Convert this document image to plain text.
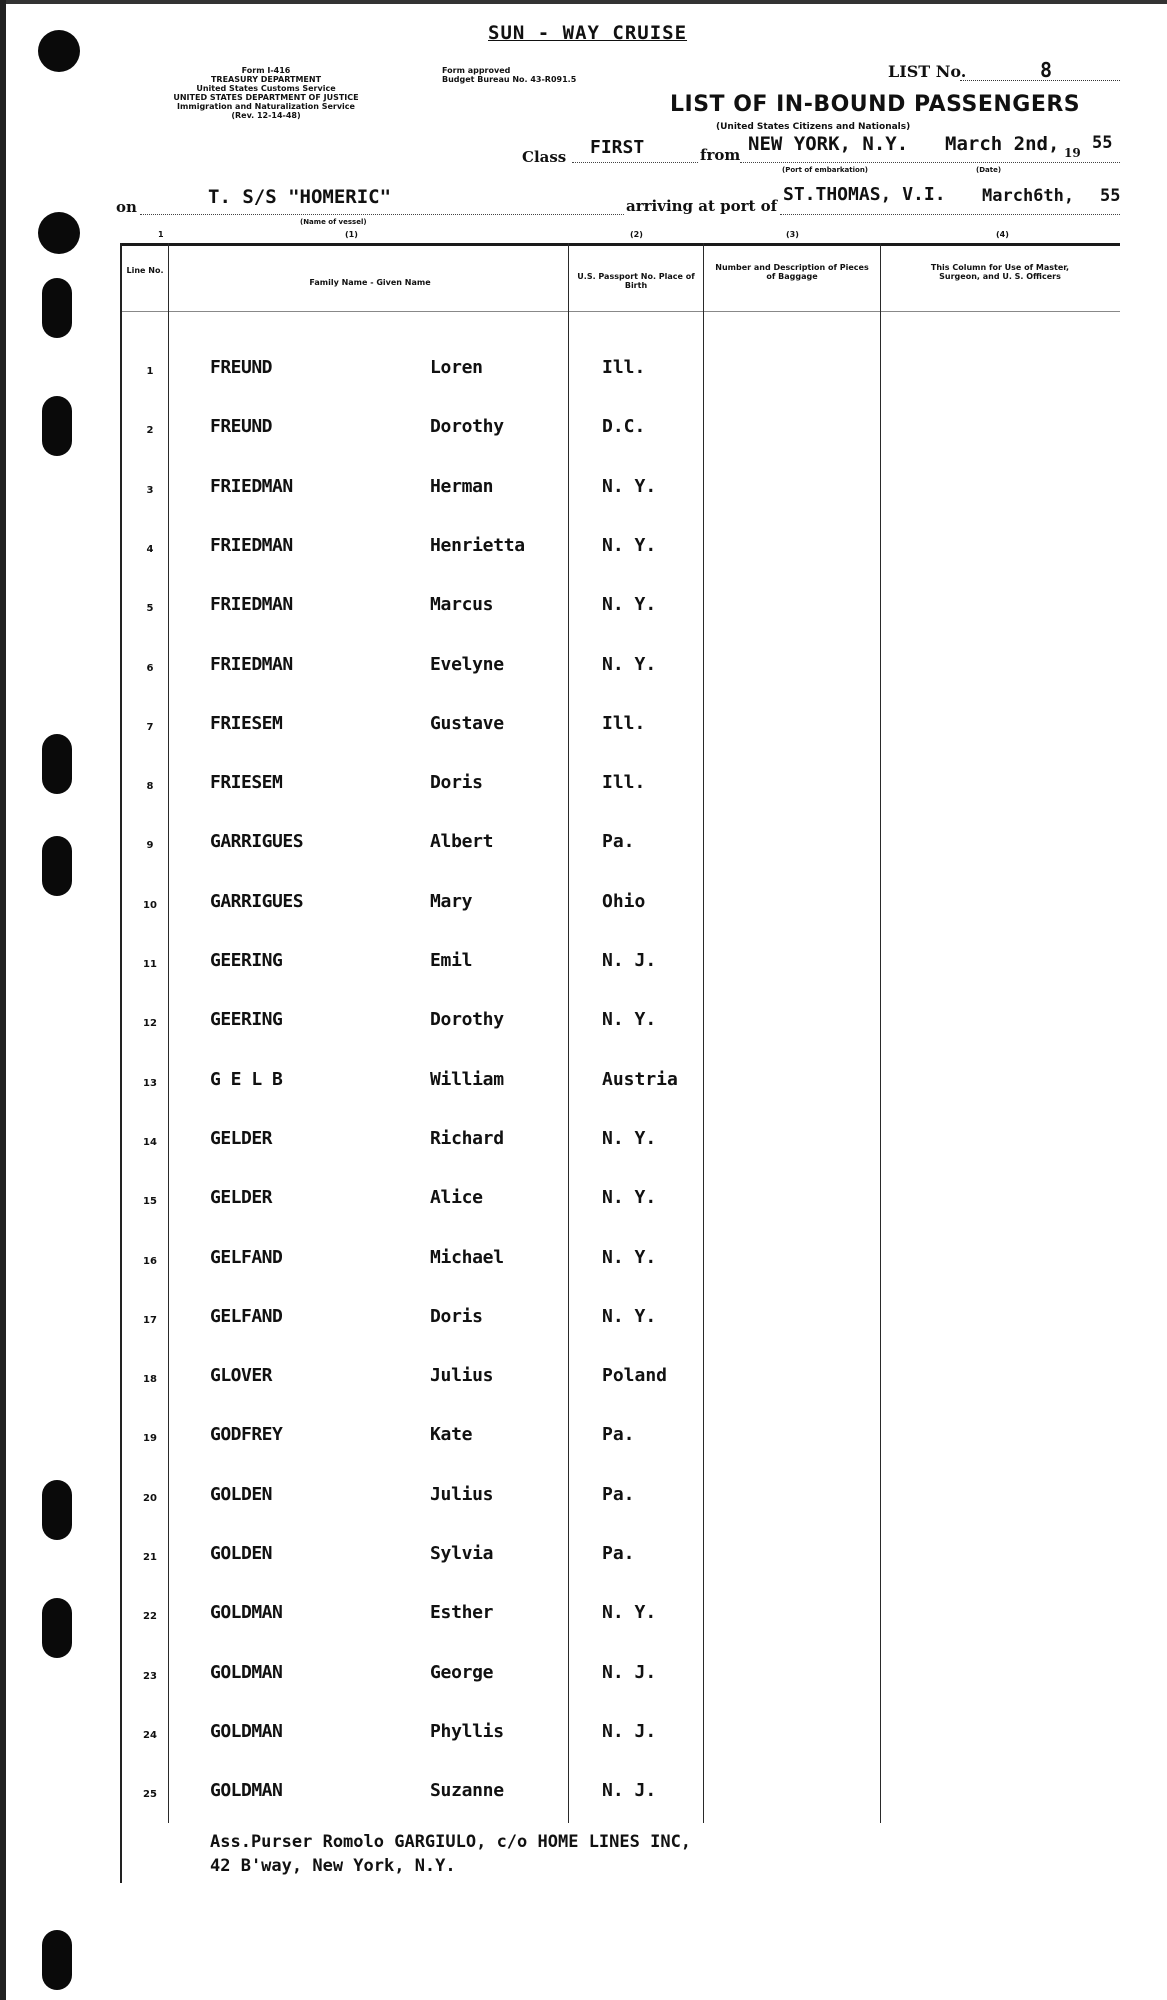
SUN - WAY CRUISE
Form I-416
TREASURY DEPARTMENT
United States Customs Service
UNITED STATES DEPARTMENT OF JUSTICE
Immigration and Naturalization Service
(Rev. 12-14-48)
Form approved
Budget Bureau No. 43-R091.5	LIST No.	8
LIST OF IN-BOUND PASSENGERS
(United States Citizens and Nationals)
Class FIRST	from NEW YORK, N.Y. March 2nd, 19 55
(Port of embarkation)	(Date)
on	T. S/S "HOMERIC"
(Name of vessel)
arriving at port of
ST.THOMAS, V.I. March6th, 55
1	(1)	(2)	(3)	(4)
Line No.
Family Name - Given Name
U.S. Passport No. Place of Birth
Number and Description of Pieces of Baggage
This Column for Use of Master, Surgeon, and U. S. Officers
1	FREUND	Loren	Ill.
2	FREUND	Dorothy	D.C.
3	FRIEDMAN	Herman	N. Y.
4	FRIEDMAN	Henrietta	N. Y.
5	FRIEDMAN	Marcus	N. Y.
6	FRIEDMAN	Evelyne	N. Y.
7	FRIESEM	Gustave	Ill.
8	FRIESEM	Doris	Ill.
9	GARRIGUES	Albert	Pa.
10	GARRIGUES	Mary	Ohio
11	GEERING	Emil	N. J.
12	GEERING	Dorothy	N. Y.
13	G E L B	William	Austria
14	GELDER	Richard	N. Y.
15	GELDER	Alice	N. Y.
16	GELFAND	Michael	N. Y.
17	GELFAND	Doris	N. Y.
18	GLOVER	Julius	Poland
19	GODFREY	Kate	Pa.
20	GOLDEN	Julius	Pa.
21	GOLDEN	Sylvia	Pa.
22	GOLDMAN	Esther	N. Y.
23	GOLDMAN	George	N. J.
24	GOLDMAN	Phyllis	N. J.
25	GOLDMAN	Suzanne	N. J.
Ass.Purser Romolo GARGIULO, c/o HOME LINES INC,
42 B'way, New York, N.Y.
